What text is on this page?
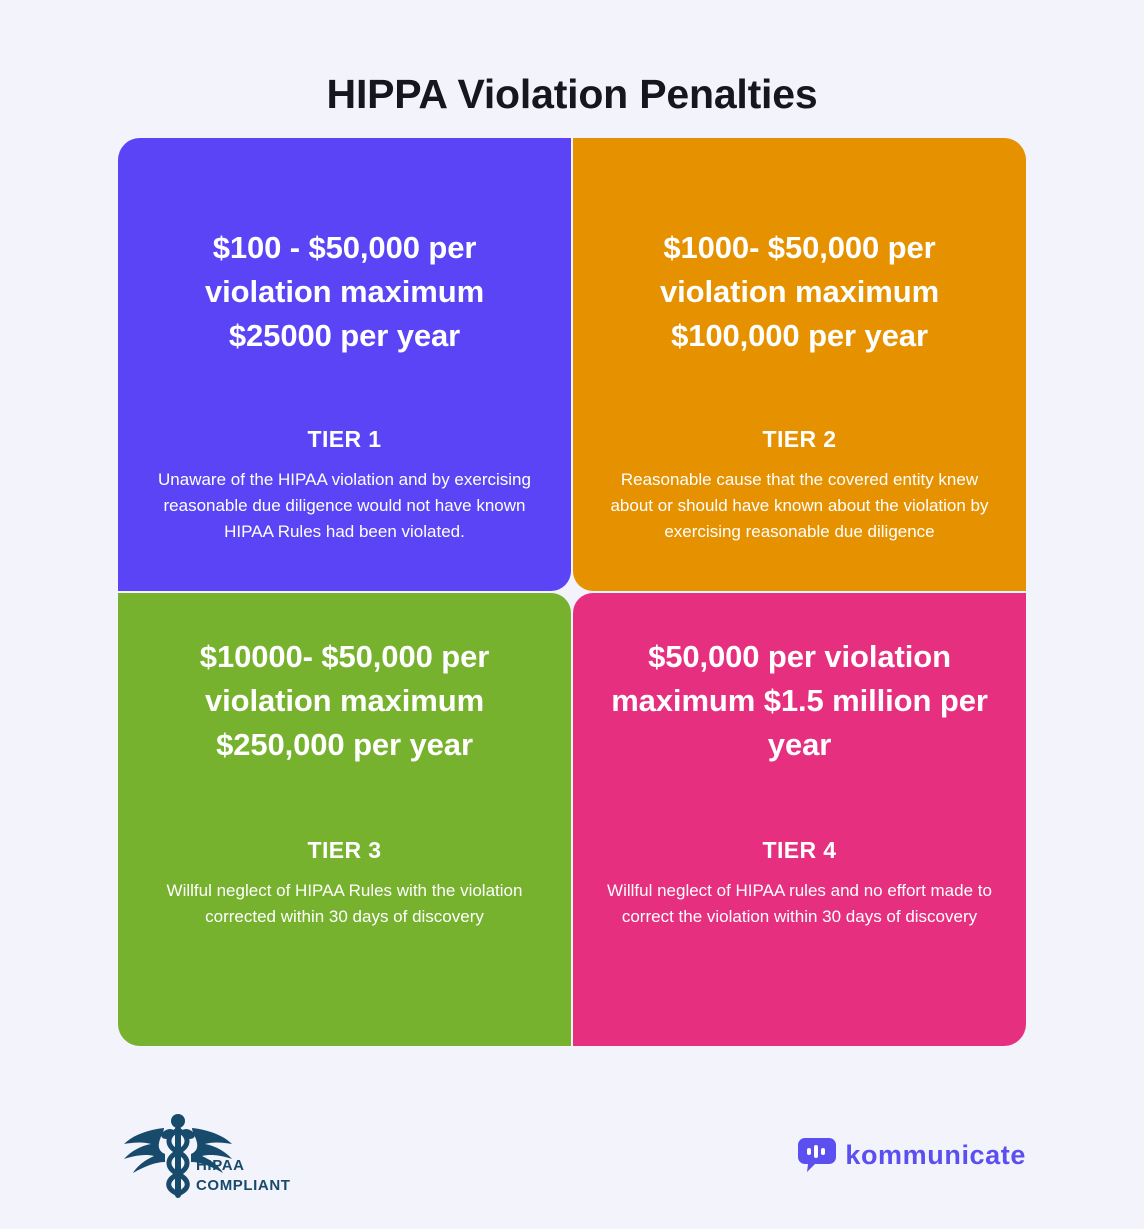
HIPPA Violation Penalties
$100 - $50,000 per violation maximum $25000 per year
TIER 1
Unaware of the HIPAA violation and by exercising reasonable due diligence would not have known HIPAA Rules had been violated.
$1000- $50,000 per violation maximum $100,000 per year
TIER 2
Reasonable cause that the covered entity knew about or should have known about the violation by exercising reasonable due diligence
$10000- $50,000 per violation maximum $250,000 per year
TIER 3
Willful neglect of HIPAA Rules with the violation corrected within 30 days of discovery
$50,000 per violation maximum $1.5 million per year
TIER 4
Willful neglect of HIPAA rules and no effort made to correct the violation within 30 days of discovery
HIPAA
COMPLIANT
kommunicate
